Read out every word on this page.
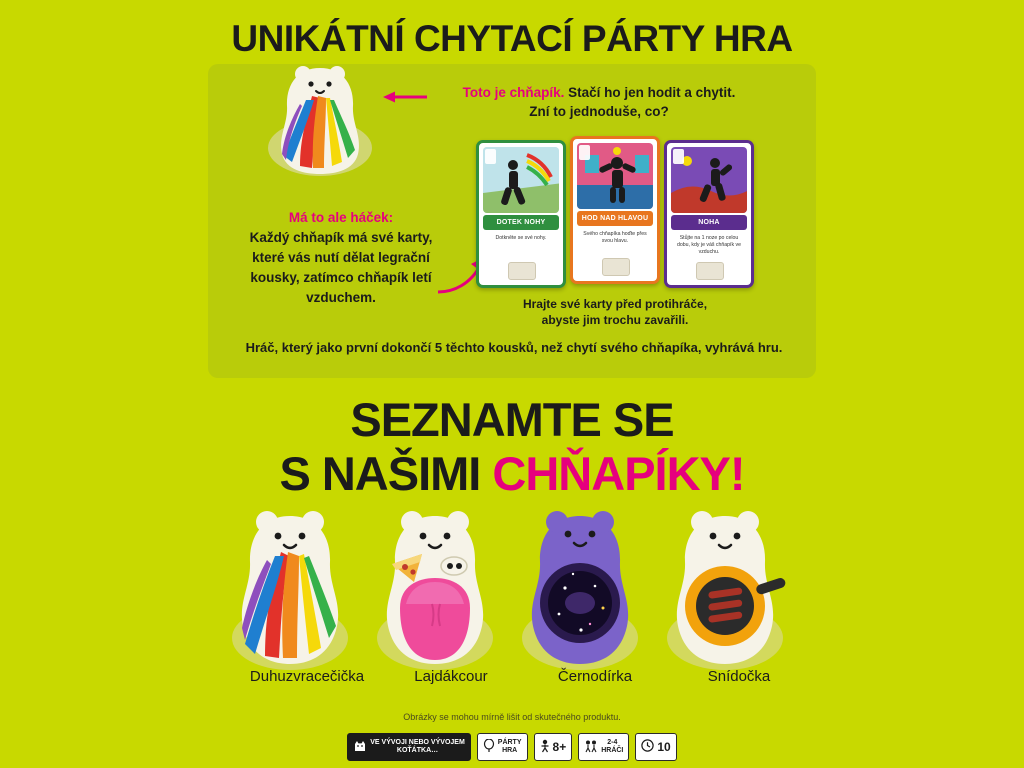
UNIKÁTNÍ CHYTACÍ PÁRTY HRA
Toto je chňapík. Stačí ho jen hodit a chytit.
Zní to jednoduše, co?
Má to ale háček:
Každý chňapík má své karty, které vás nutí dělat legrační kousky, zatímco chňapík letí vzduchem.
DOTEK NOHY
Dotkněte se své nohy.
HOD NAD HLAVOU
Svého chňapíka hoďte přes svou hlavu.
NOHA
Stůjte na 1 noze po celou dobu, kdy je váš chňapík ve vzduchu.
Hrajte své karty před protihráče,
abyste jim trochu zavařili.
Hráč, který jako první dokončí 5 těchto kousků, než chytí svého chňapíka, vyhrává hru.
SEZNAMTE SE
S NAŠIMI CHŇAPÍKY!
Duhuzvracečička	Lajdákcour	Černodírka	Snídočka
Obrázky se mohou mírně lišit od skutečného produktu.
VE VÝVOJI NEBO VÝVOJEM
KOŤÁTKA…
PÁRTY
HRA	8+	2-4
HRÁČI	10
